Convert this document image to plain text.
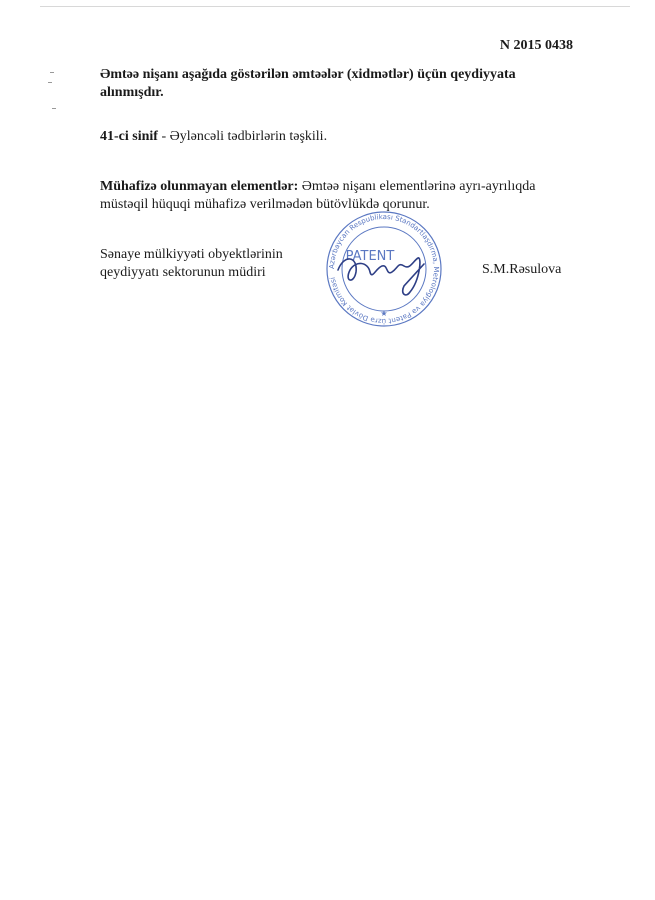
N 2015 0438
Əmtəə nişanı aşağıda göstərilən əmtəələr (xidmətlər) üçün qeydiyyata alınmışdır.
41-ci sinif - Əyləncəli tədbirlərin təşkili.
Mühafizə olunmayan elementlər: Əmtəə nişanı elementlərinə ayrı-ayrılıqda müstəqil hüquqi mühafizə verilmədən bütövlükdə qorunur.
Sənaye mülkiyyəti obyektlərinin
qeydiyyatı sektorunun müdiri	Azərbaycan Respublikası Standartlaşdırma, Metrologiya və Patent üzrə Dövlət Komitəsi
PATENT
★
S.M.Rəsulova
